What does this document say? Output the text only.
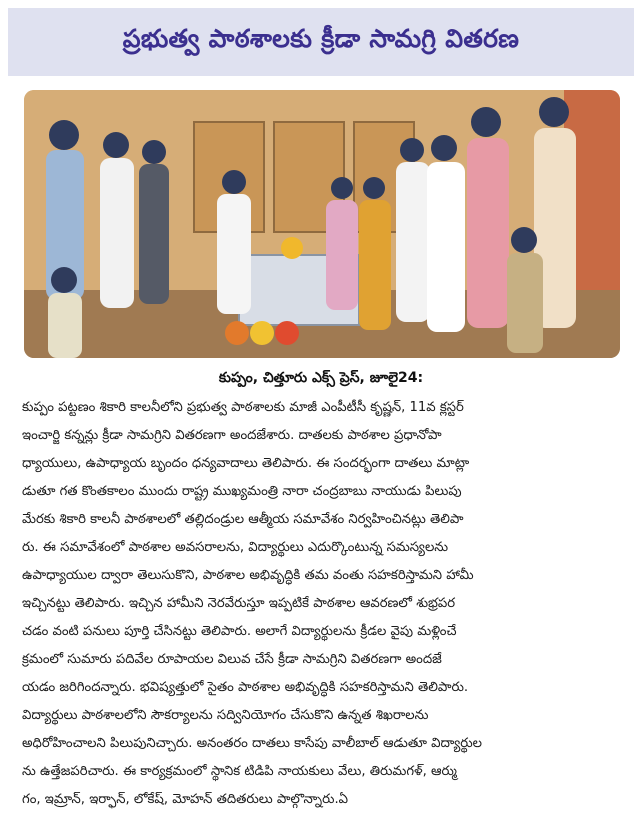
ప్రభుత్వ పాఠశాలకు క్రీడా సామగ్రి వితరణ
కుప్పం, చిత్తూరు ఎక్స్ ప్రెస్, జూలై24:
కుప్పం పట్టణం శికారి కాలనీలోని ప్రభుత్వ పాఠశాలకు మాజీ ఎంపీటీసీ కృష్ణన్, 11వ క్లస్టర్
ఇంచార్జి కన్నన్లు క్రీడా సామగ్రిని వితరణగా అందజేశారు. దాతలకు పాఠశాల ప్రధానోపా
ధ్యాయులు, ఉపాధ్యాయ బృందం ధన్యవాదాలు తెలిపారు. ఈ సందర్భంగా దాతలు మాట్లా
డుతూ గత కొంతకాలం ముందు రాష్ట్ర ముఖ్యమంత్రి నారా చంద్రబాబు నాయుడు పిలుపు
మేరకు శికారి కాలనీ పాఠశాలలో తల్లిదండ్రుల ఆత్మీయ సమావేశం నిర్వహించినట్లు తెలిపా
రు. ఈ సమావేశంలో పాఠశాల అవసరాలను, విద్యార్థులు ఎదుర్కొంటున్న సమస్యలను
ఉపాధ్యాయుల ద్వారా తెలుసుకొని, పాఠశాల అభివృద్ధికి తమ వంతు సహకరిస్తామని హామీ
ఇచ్చినట్టు తెలిపారు. ఇచ్చిన హామీని నెరవేరుస్తూ ఇప్పటికే పాఠశాల ఆవరణలో శుభ్రపర
చడం వంటి పనులు పూర్తి చేసినట్టు తెలిపారు. అలాగే విద్యార్థులను క్రీడల వైపు మళ్లించే
క్రమంలో సుమారు పదివేల రూపాయల విలువ చేసే క్రీడా సామగ్రిని వితరణగా అందజే
యడం జరిగిందన్నారు. భవిష్యత్తులో సైతం పాఠశాల అభివృద్ధికి సహకరిస్తామని తెలిపారు.
విద్యార్థులు పాఠశాలలోని సౌకర్యాలను సద్వినియోగం చేసుకొని ఉన్నత శిఖరాలను
అధిరోహించాలని పిలుపునిచ్చారు. అనంతరం దాతలు కాసేపు వాలీబాల్ ఆడుతూ విద్యార్థుల
ను ఉత్తేజపరిచారు. ఈ కార్యక్రమంలో స్థానిక టిడిపి నాయకులు వేలు, తిరుమగళ్, ఆర్ము
గం, ఇమ్రాన్, ఇర్ఫాన్, లోకేష్, మోహన్ తదితరులు పాల్గొన్నారు.ఏ
